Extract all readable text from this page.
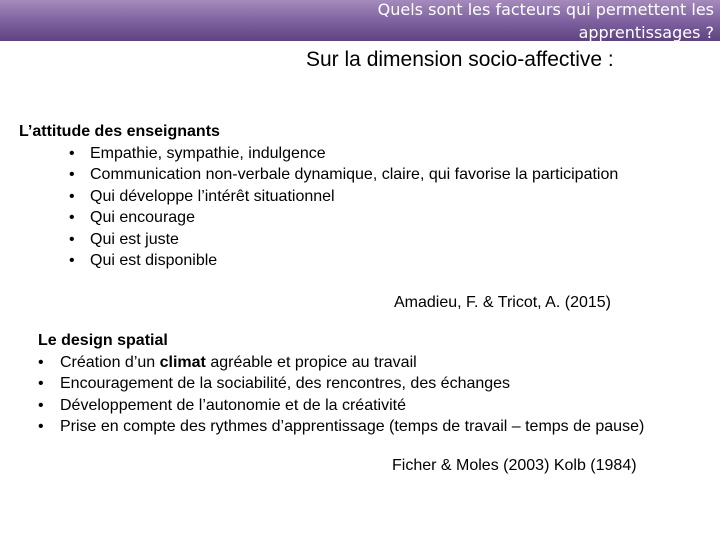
Quels sont les facteurs qui permettent les apprentissages ?
Sur la dimension socio-affective :
L’attitude des enseignants
• Empathie, sympathie, indulgence
• Communication non-verbale dynamique, claire, qui favorise la participation
• Qui développe l’intérêt situationnel
• Qui encourage
• Qui est juste
• Qui est disponible
Amadieu, F. & Tricot, A. (2015)
Le design spatial
• Création d’un climat agréable et propice au travail
• Encouragement de la sociabilité, des rencontres, des échanges
• Développement de l’autonomie et de la créativité
• Prise en compte des rythmes d’apprentissage (temps de travail – temps de pause)
Ficher & Moles (2003) Kolb (1984)
